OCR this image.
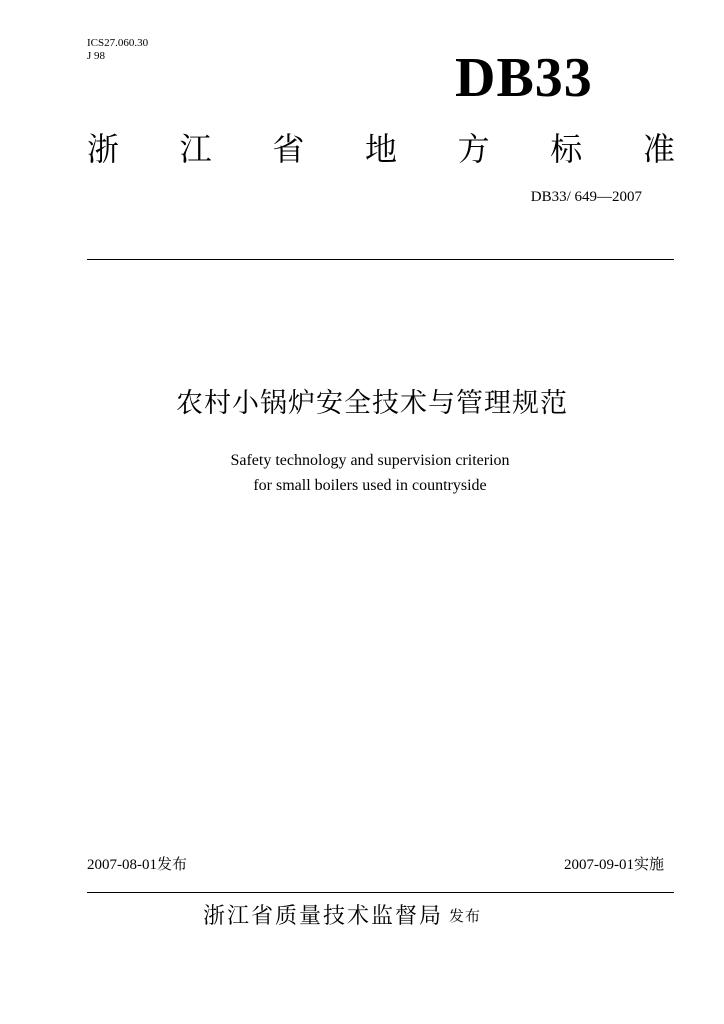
ICS27.060.30
J 98	DB33
浙 江 省 地 方 标 准
DB33/ 649—2007
农村小锅炉安全技术与管理规范
Safety technology and supervision criterion
for small boilers used in countryside
2007-08-01发布	2007-09-01实施
浙江省质量技术监督局 发布
